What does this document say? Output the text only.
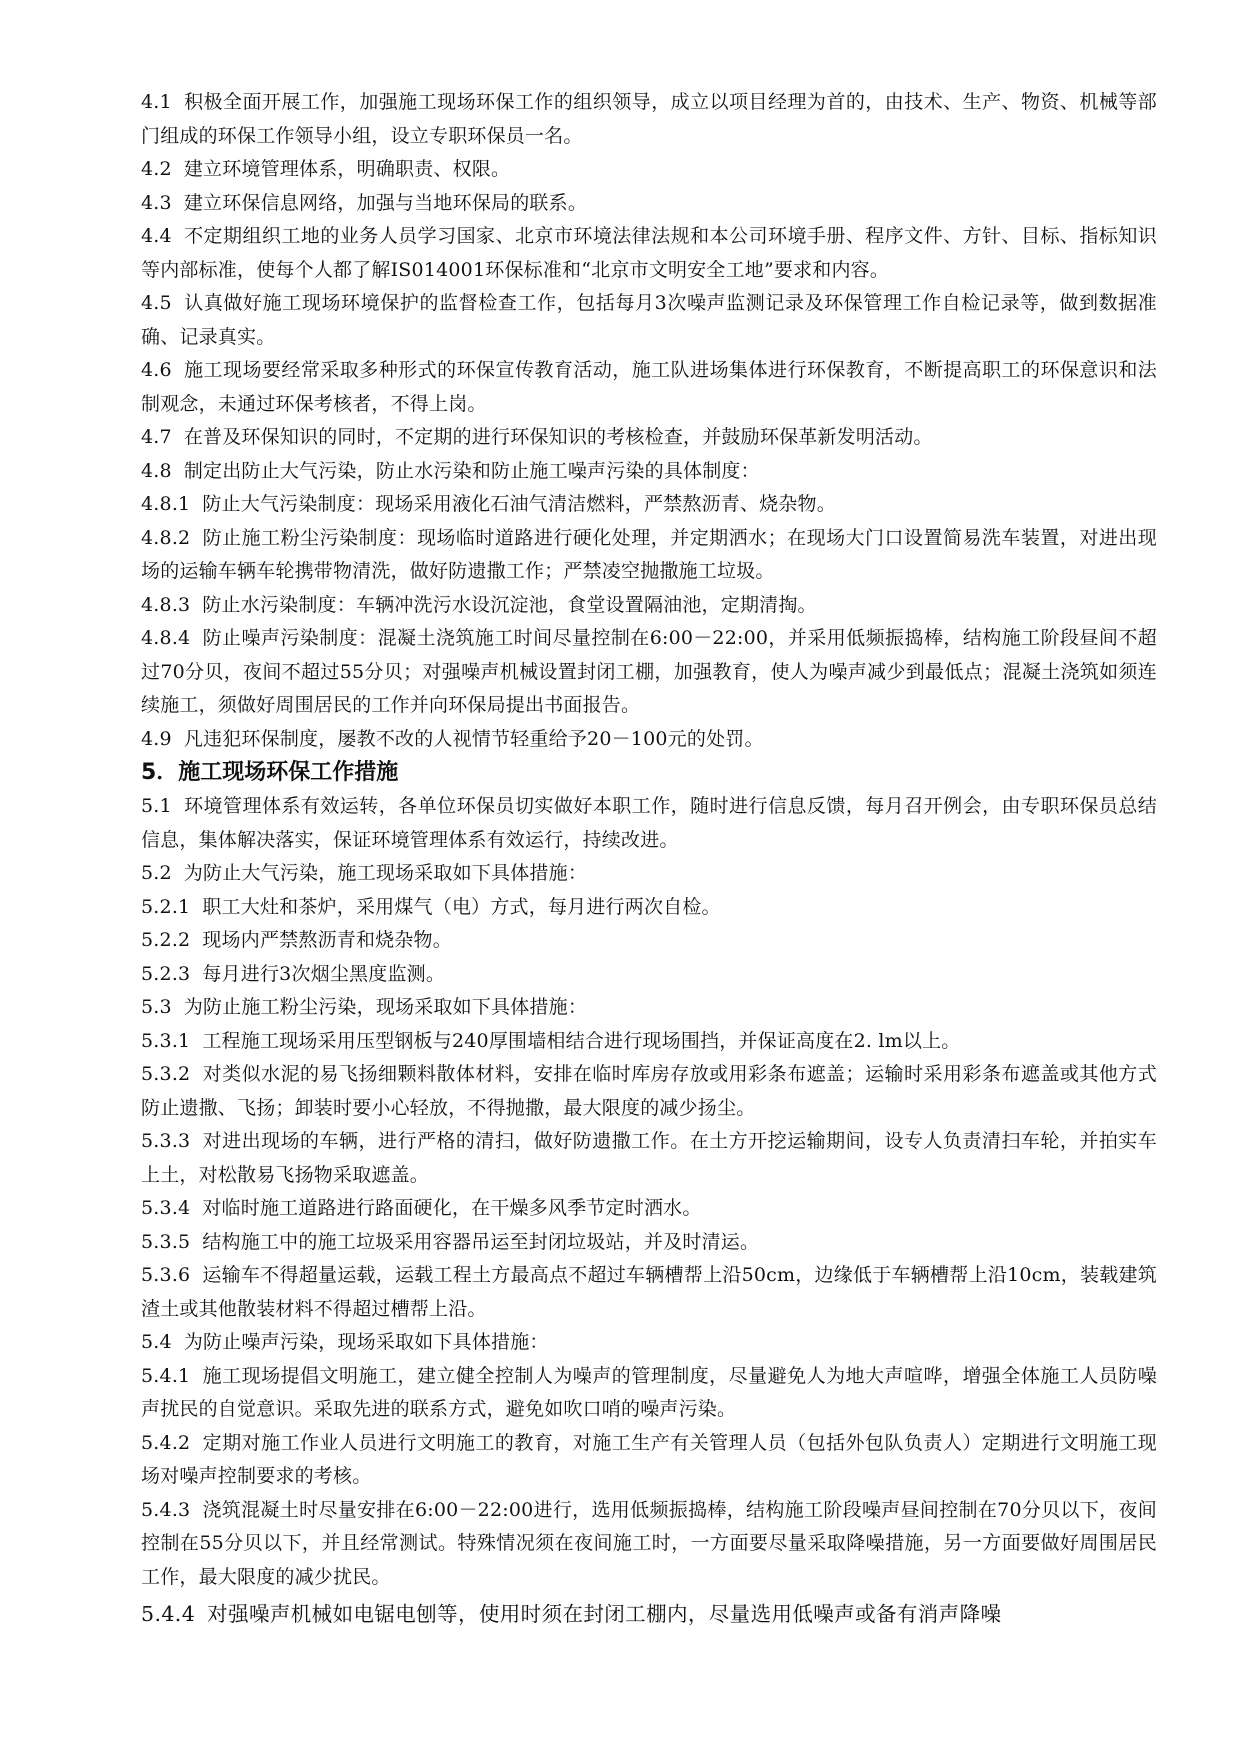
4.1 积极全面开展工作，加强施工现场环保工作的组织领导，成立以项目经理为首的，由技术、生产、物资、机械等部门组成的环保工作领导小组，设立专职环保员一名。

4.2 建立环境管理体系，明确职责、权限。

4.3 建立环保信息网络，加强与当地环保局的联系。

4.4 不定期组织工地的业务人员学习国家、北京市环境法律法规和本公司环境手册、程序文件、方针、目标、指标知识等内部标准，使每个人都了解IS014001环保标准和“北京市文明安全工地”要求和内容。

4.5 认真做好施工现场环境保护的监督检查工作，包括每月3次噪声监测记录及环保管理工作自检记录等，做到数据准确、记录真实。

4.6 施工现场要经常采取多种形式的环保宣传教育活动，施工队进场集体进行环保教育，不断提高职工的环保意识和法制观念，未通过环保考核者，不得上岗。

4.7 在普及环保知识的同时，不定期的进行环保知识的考核检查，并鼓励环保革新发明活动。

4.8 制定出防止大气污染，防止水污染和防止施工噪声污染的具体制度：

4.8.1 防止大气污染制度：现场采用液化石油气清洁燃料，严禁熬沥青、烧杂物。

4.8.2 防止施工粉尘污染制度：现场临时道路进行硬化处理，并定期洒水；在现场大门口设置简易洗车装置，对进出现场的运输车辆车轮携带物清洗，做好防遗撒工作；严禁凌空抛撒施工垃圾。

4.8.3 防止水污染制度：车辆冲洗污水设沉淀池，食堂设置隔油池，定期清掏。

4.8.4 防止噪声污染制度：混凝土浇筑施工时间尽量控制在6:00－22:00，并采用低频振捣棒，结构施工阶段昼间不超过70分贝，夜间不超过55分贝；对强噪声机械设置封闭工棚，加强教育，使人为噪声减少到最低点；混凝土浇筑如须连续施工，须做好周围居民的工作并向环保局提出书面报告。

4.9 凡违犯环保制度，屡教不改的人视情节轻重给予20－100元的处罚。

5．施工现场环保工作措施

5.1 环境管理体系有效运转，各单位环保员切实做好本职工作，随时进行信息反馈，每月召开例会，由专职环保员总结信息，集体解决落实，保证环境管理体系有效运行，持续改进。

5.2 为防止大气污染，施工现场采取如下具体措施：

5.2.1 职工大灶和茶炉，采用煤气（电）方式，每月进行两次自检。

5.2.2 现场内严禁熬沥青和烧杂物。

5.2.3 每月进行3次烟尘黑度监测。

5.3 为防止施工粉尘污染，现场采取如下具体措施：

5.3.1 工程施工现场采用压型钢板与240厚围墙相结合进行现场围挡，并保证高度在2. lm以上。

5.3.2 对类似水泥的易飞扬细颗料散体材料，安排在临时库房存放或用彩条布遮盖；运输时采用彩条布遮盖或其他方式防止遗撒、飞扬；卸装时要小心轻放，不得抛撒，最大限度的减少扬尘。

5.3.3 对进出现场的车辆，进行严格的清扫，做好防遗撒工作。在土方开挖运输期间，设专人负责清扫车轮，并拍实车上土，对松散易飞扬物采取遮盖。

5.3.4 对临时施工道路进行路面硬化，在干燥多风季节定时洒水。

5.3.5 结构施工中的施工垃圾采用容器吊运至封闭垃圾站，并及时清运。

5.3.6 运输车不得超量运载，运载工程土方最高点不超过车辆槽帮上沿50cm，边缘低于车辆槽帮上沿10cm，装载建筑渣土或其他散装材料不得超过槽帮上沿。

5.4 为防止噪声污染，现场采取如下具体措施：

5.4.1 施工现场提倡文明施工，建立健全控制人为噪声的管理制度，尽量避免人为地大声喧哗，增强全体施工人员防噪声扰民的自觉意识。采取先进的联系方式，避免如吹口哨的噪声污染。

5.4.2 定期对施工作业人员进行文明施工的教育，对施工生产有关管理人员（包括外包队负责人）定期进行文明施工现场对噪声控制要求的考核。

5.4.3 浇筑混凝土时尽量安排在6:00－22:00进行，选用低频振捣棒，结构施工阶段噪声昼间控制在70分贝以下，夜间控制在55分贝以下，并且经常测试。特殊情况须在夜间施工时，一方面要尽量采取降噪措施，另一方面要做好周围居民工作，最大限度的减少扰民。

5.4.4 对强噪声机械如电锯电刨等，使用时须在封闭工棚内，尽量选用低噪声或备有消声降噪
